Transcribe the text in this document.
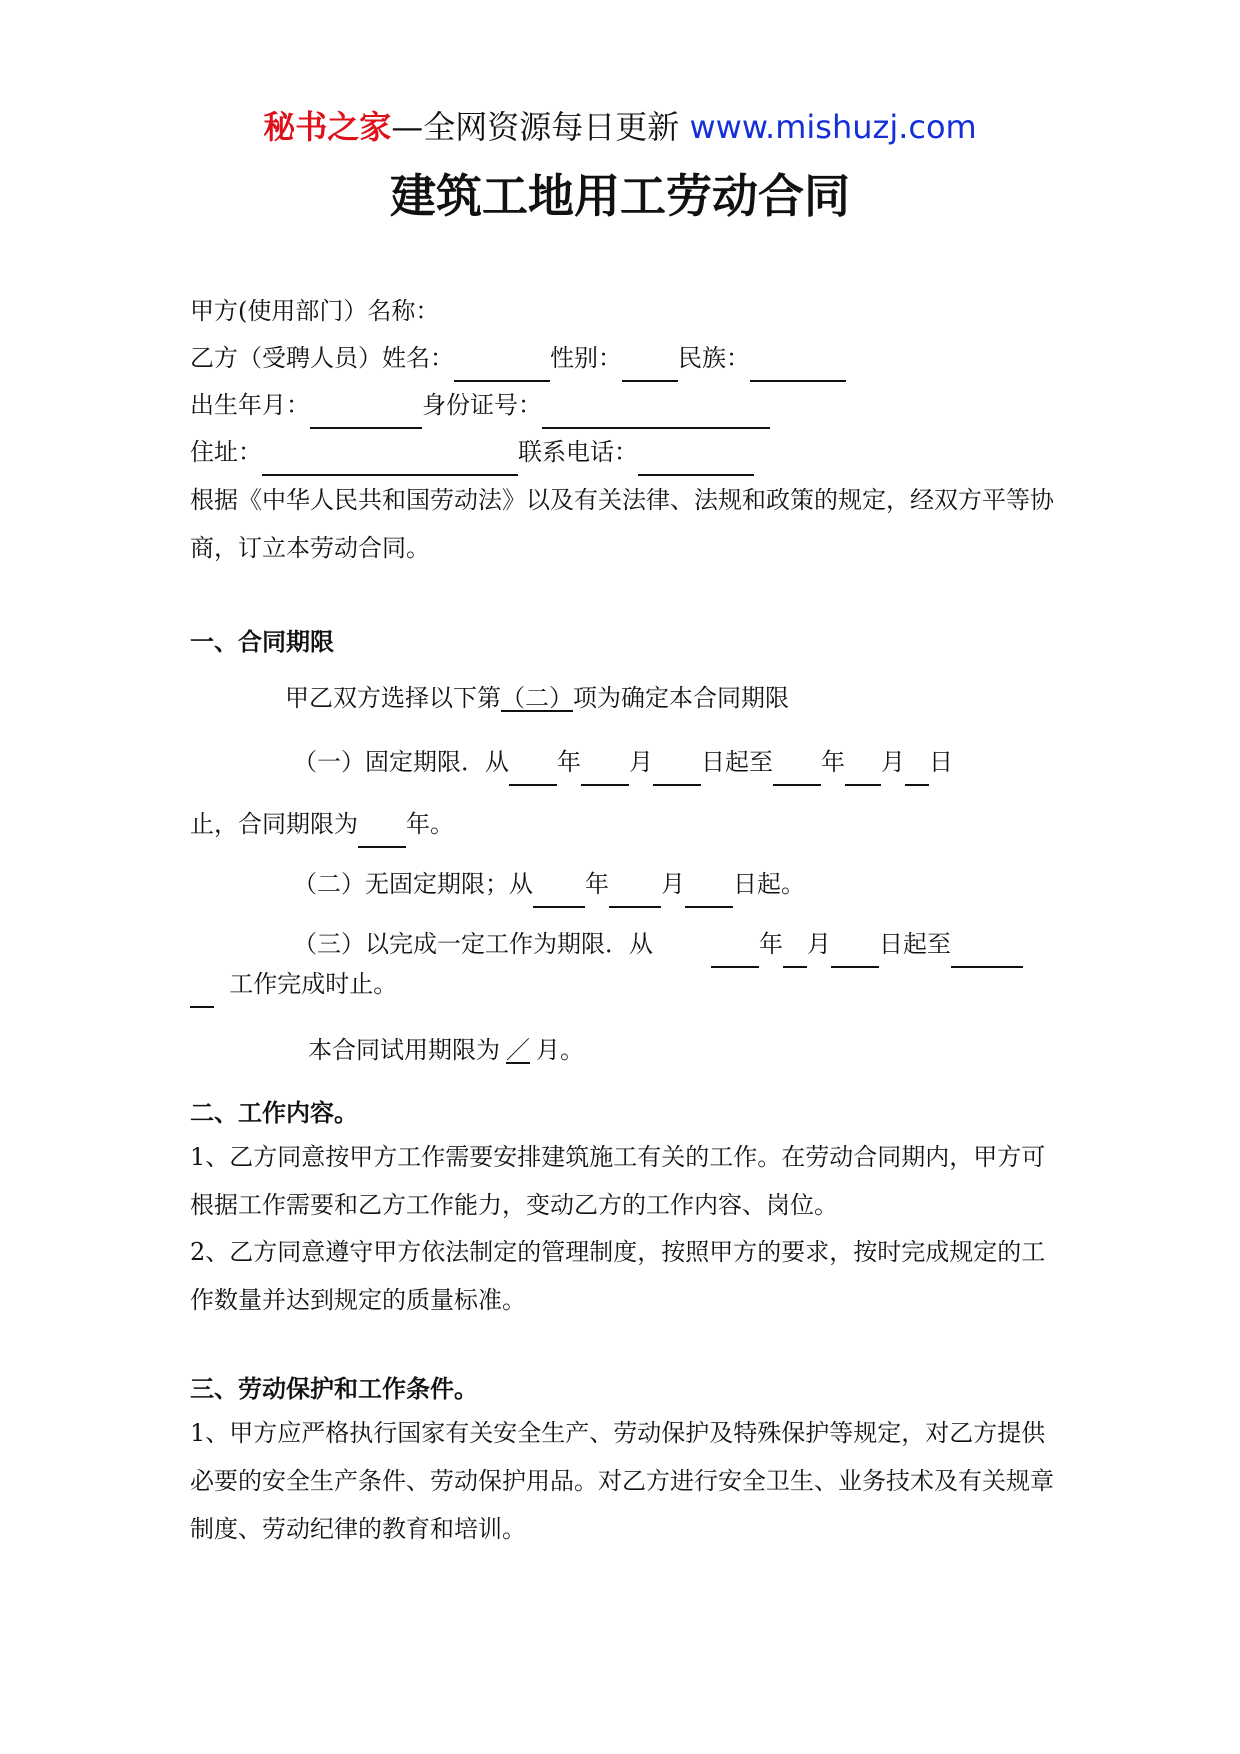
秘书之家—全网资源每日更新 www.mishuzj.com
建筑工地用工劳动合同
甲方(使用部门）名称：
乙方（受聘人员）姓名：	性别： 民族：
出生年月：	身份证号：
住址：	联系电话：
根据《中华人民共和国劳动法》以及有关法律、法规和政策的规定，经双方平等协商，订立本劳动合同。
一、合同期限
甲乙双方选择以下第（二）项为确定本合同期限
（一）固定期限．从 年 月 日起至 年 月 日
止，合同期限为 年。
（二）无固定期限；从 年 月 日起。
（三）以完成一定工作为期限．从	年 月 日起至
工作完成时止。
本合同试用期限为 ／ 月。
二、工作内容。
1、乙方同意按甲方工作需要安排建筑施工有关的工作。在劳动合同期内，甲方可根据工作需要和乙方工作能力，变动乙方的工作内容、岗位。
2、乙方同意遵守甲方依法制定的管理制度，按照甲方的要求，按时完成规定的工作数量并达到规定的质量标准。
三、劳动保护和工作条件。
1、甲方应严格执行国家有关安全生产、劳动保护及特殊保护等规定，对乙方提供必要的安全生产条件、劳动保护用品。对乙方进行安全卫生、业务技术及有关规章制度、劳动纪律的教育和培训。
